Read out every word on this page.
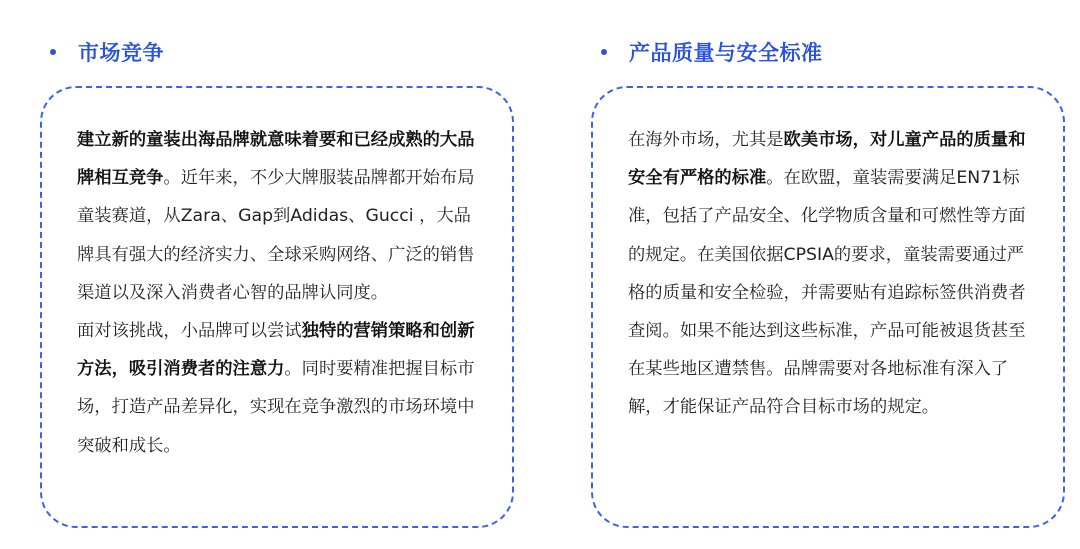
市场竞争

建立新的童装出海品牌就意味着要和已经成熟的大品牌相互竞争。近年来，不少大牌服装品牌都开始布局童装赛道，从Zara、Gap到Adidas、Gucci ，大品牌具有强大的经济实力、全球采购网络、广泛的销售渠道以及深入消费者心智的品牌认同度。

面对该挑战，小品牌可以尝试独特的营销策略和创新方法，吸引消费者的注意力。同时要精准把握目标市场，打造产品差异化，实现在竞争激烈的市场环境中突破和成长。

产品质量与安全标准

在海外市场，尤其是欧美市场，对儿童产品的质量和安全有严格的标准。在欧盟，童装需要满足EN71标准，包括了产品安全、化学物质含量和可燃性等方面的规定。在美国依据CPSIA的要求，童装需要通过严格的质量和安全检验，并需要贴有追踪标签供消费者查阅。如果不能达到这些标准，产品可能被退货甚至在某些地区遭禁售。品牌需要对各地标准有深入了解，才能保证产品符合目标市场的规定。
